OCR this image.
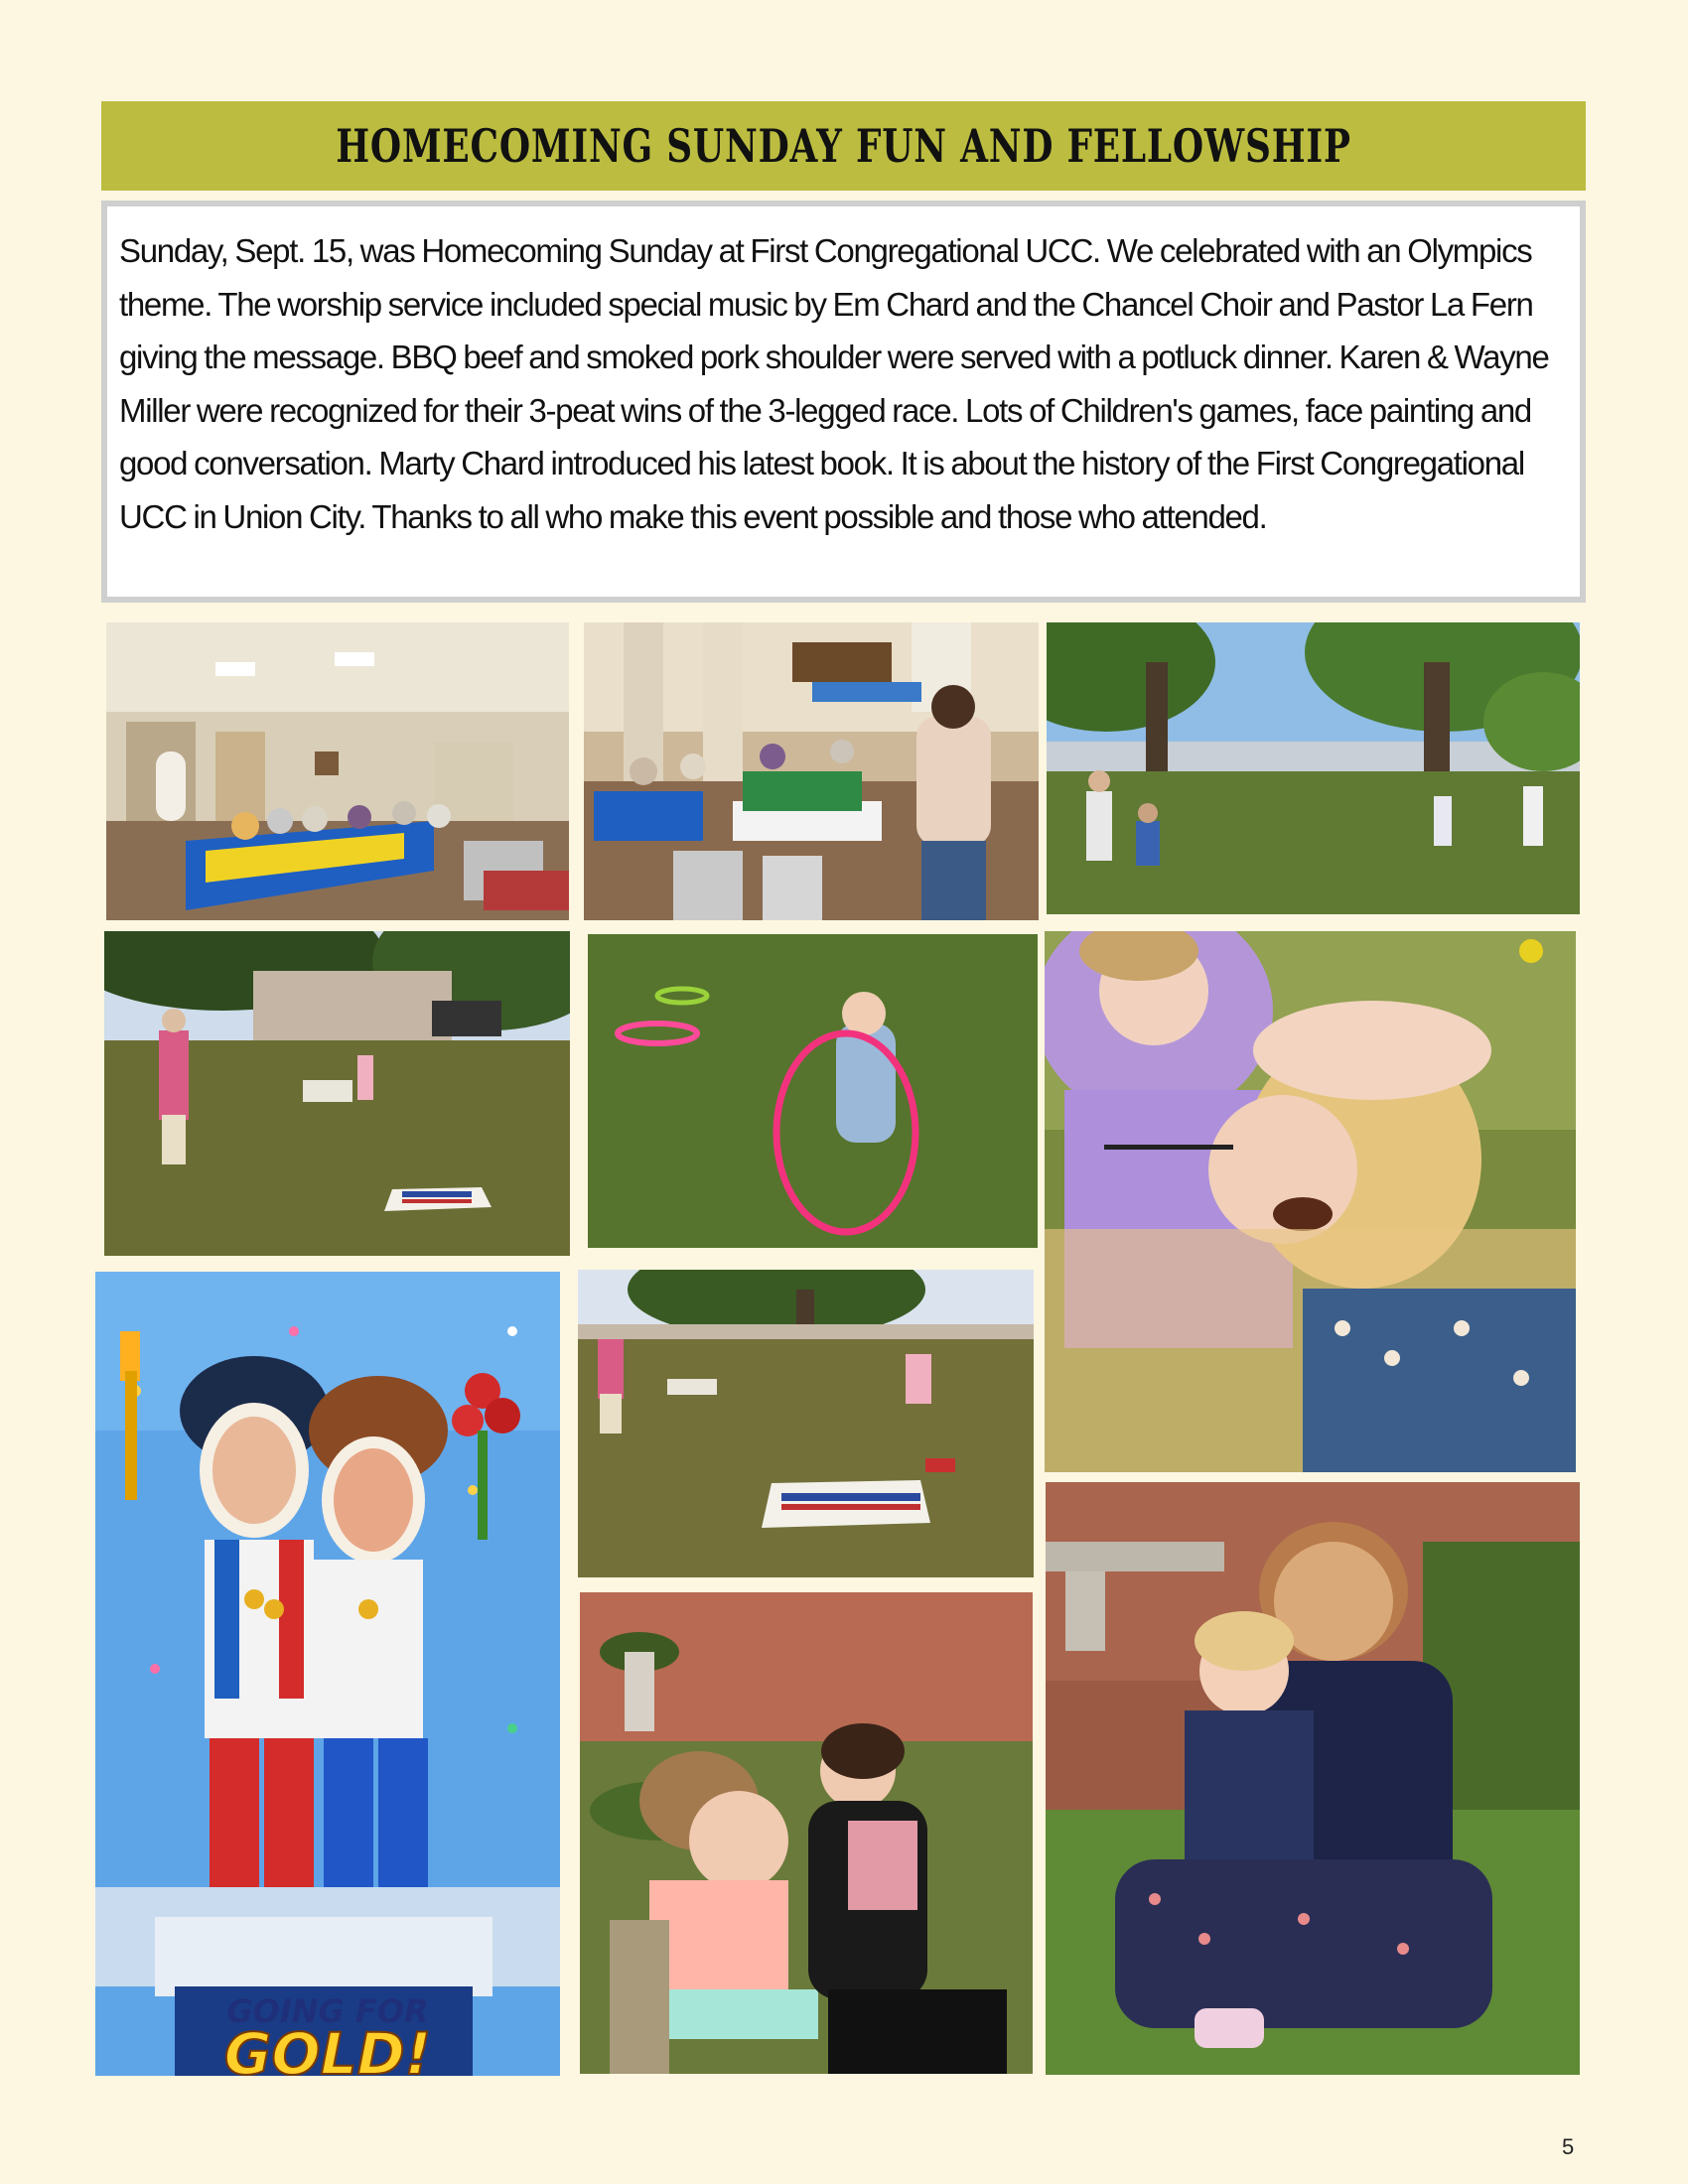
HOMECOMING SUNDAY FUN AND FELLOWSHIP

Sunday, Sept. 15, was Homecoming Sunday at First Congregational UCC. We celebrated with an Olympics theme. The worship service included special music by Em Chard and the Chancel Choir and Pastor La Fern giving the message. BBQ beef and smoked pork shoulder were served with a potluck dinner. Karen & Wayne Miller were recognized for their 3-peat wins of the 3-legged race. Lots of Children's games, face painting and good conversation. Marty Chard introduced his latest book. It is about the history of the First Congregational UCC in Union City. Thanks to all who make this event possible and those who attended.

GOING FOR
GOLD!
5
